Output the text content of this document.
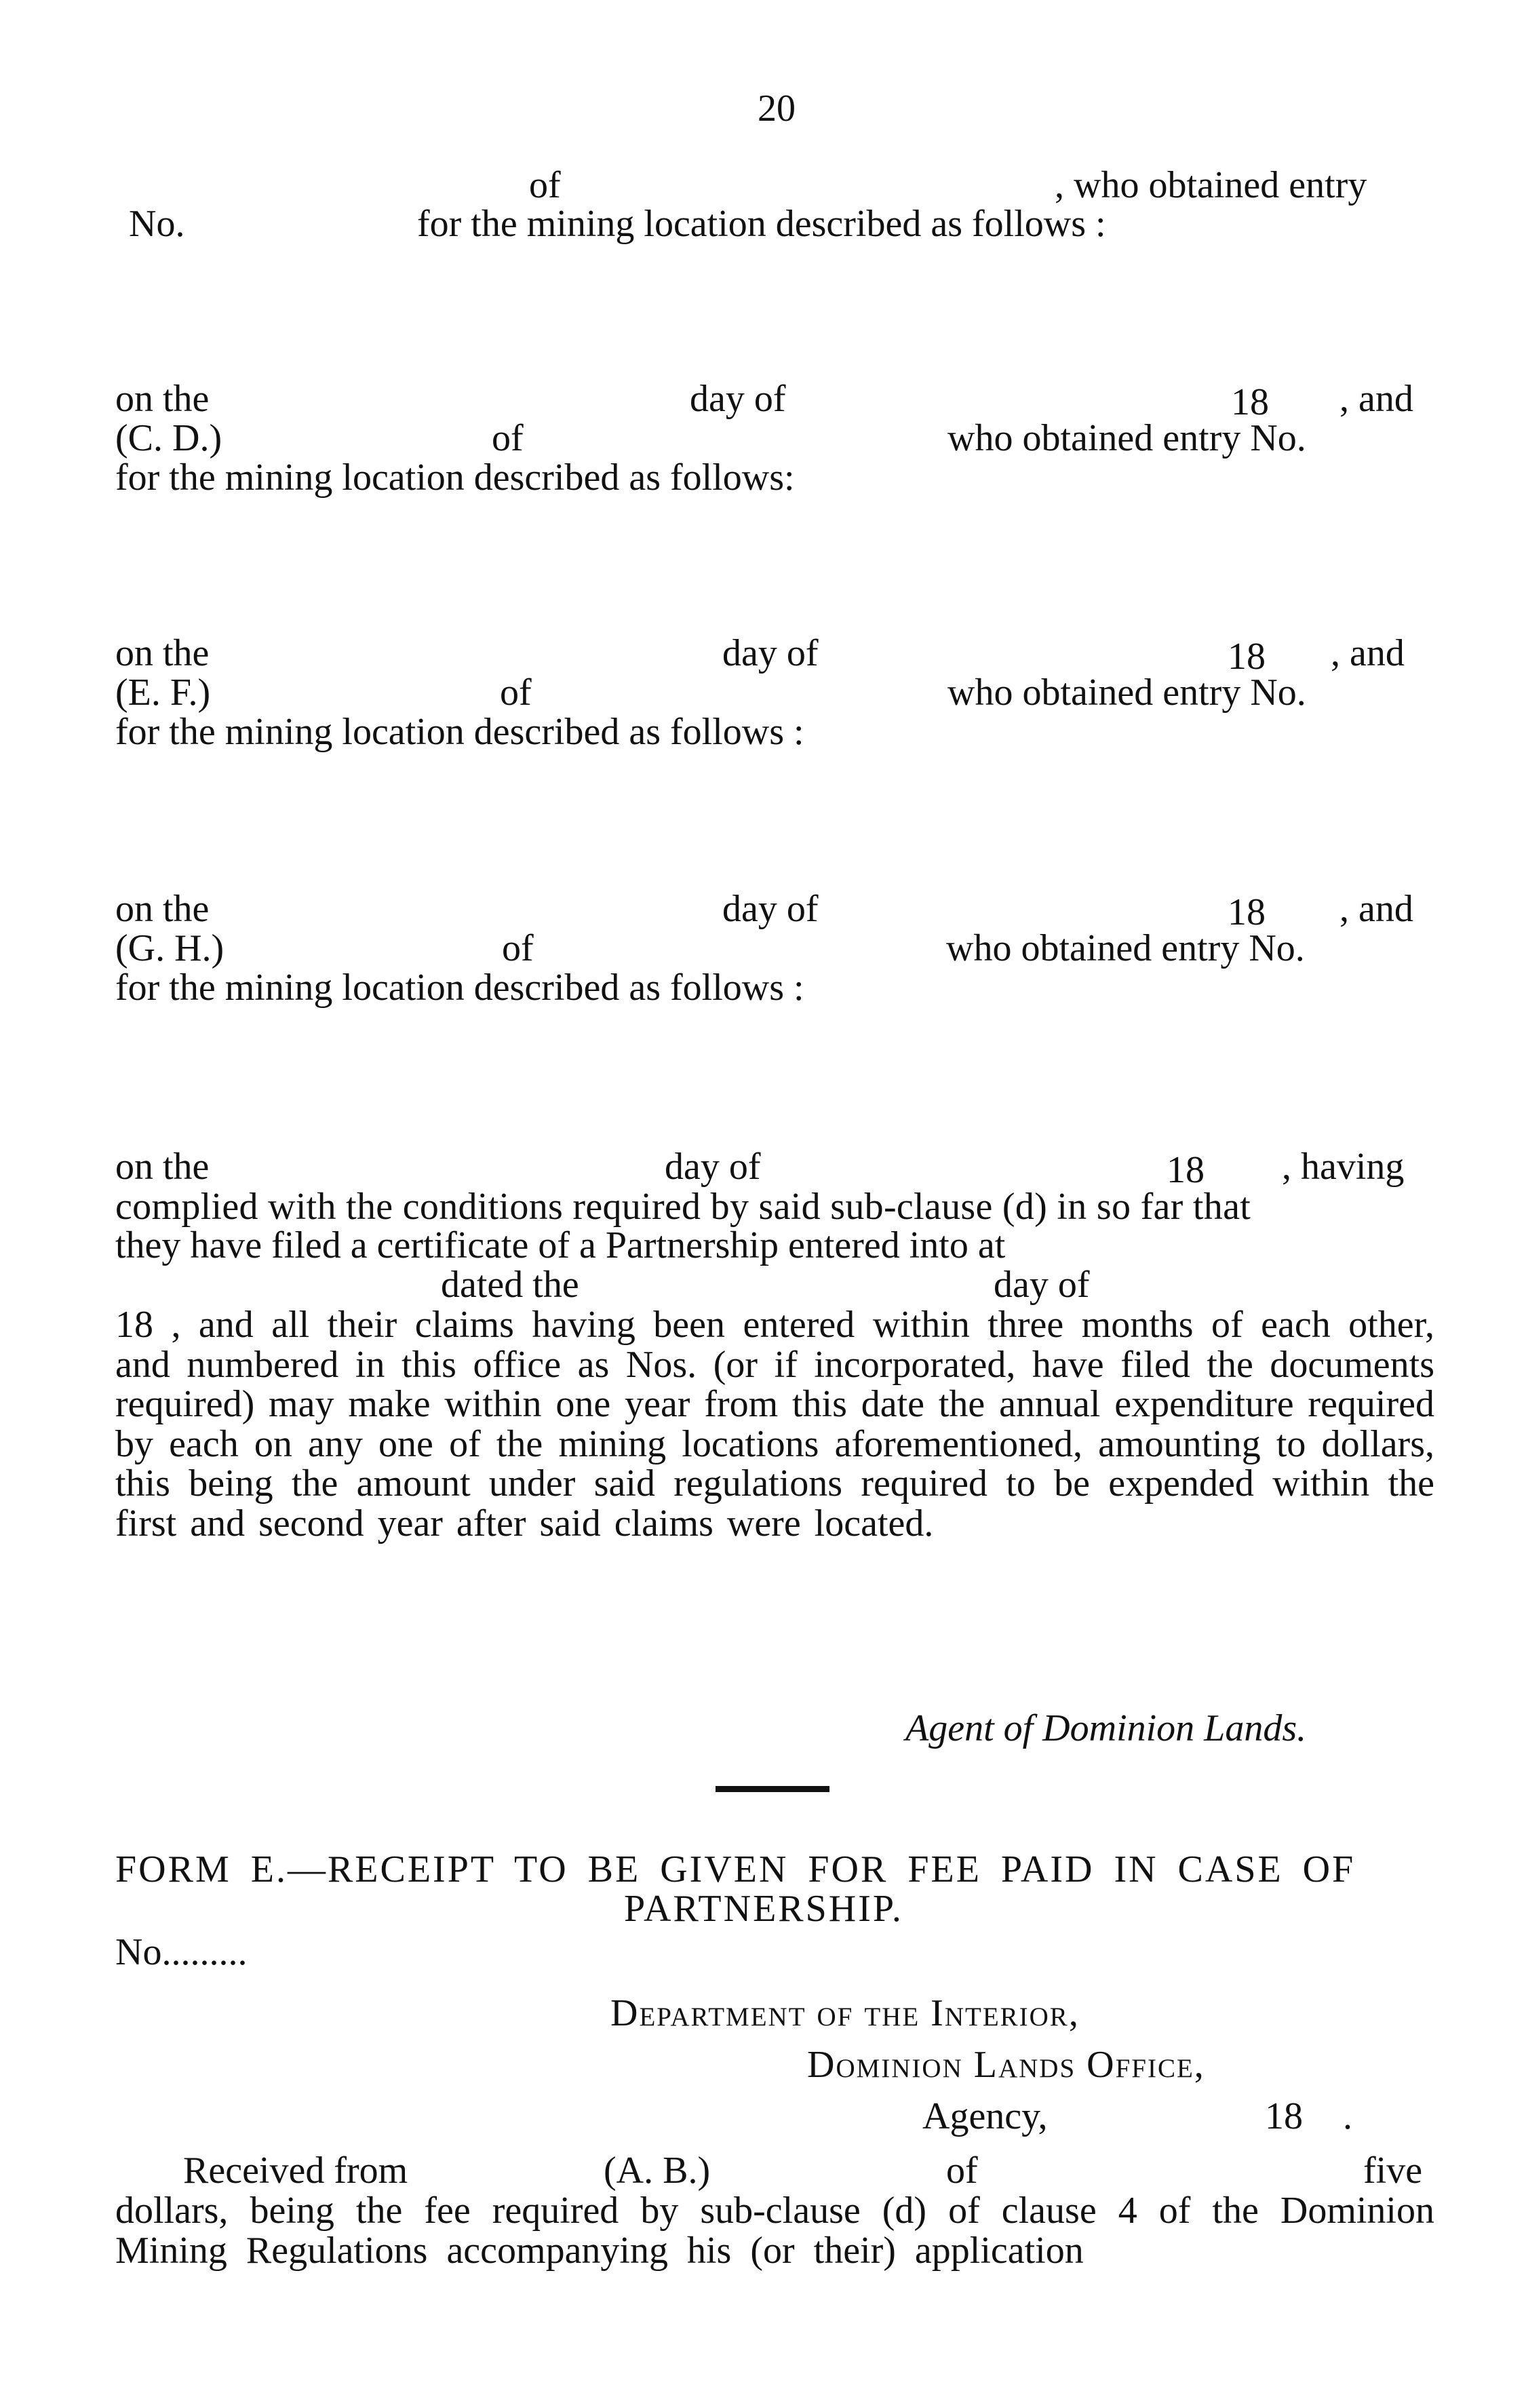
20
of	, who obtained entry
No.	for the mining location described as follows :
on the	day of	18 , and
(C. D.)	of	who obtained entry No.
for the mining location described as follows:
on the	day of	18 , and
(E. F.)	of	who obtained entry No.
for the mining location described as follows :
on the	day of	18 , and
(G. H.)	of	who obtained entry No.
for the mining location described as follows :
on the	day of	18 , having
complied with the conditions required by said sub-clause (d) in so far that
they have filed a certificate of a Partnership entered into at
dated the	day of
18 , and all their claims having been entered within three months of each other, and numbered in this office as Nos. (or if incorporated, have filed the documents required) may make within one year from this date the annual expenditure required by each on any one of the mining locations aforementioned, amounting to dollars, this being the amount under said regulations required to be expended within the first and second year after said claims were located.
Agent of Dominion Lands.
FORM E.—RECEIPT TO BE GIVEN FOR FEE PAID IN CASE OF
PARTNERSHIP.
No.........
Department of the Interior,
Dominion Lands Office,
Agency,	18 .
Received from	(A. B.)	of	five
dollars, being the fee required by sub-clause (d) of clause 4 of the Dominion Mining Regulations accompanying his (or their) application
